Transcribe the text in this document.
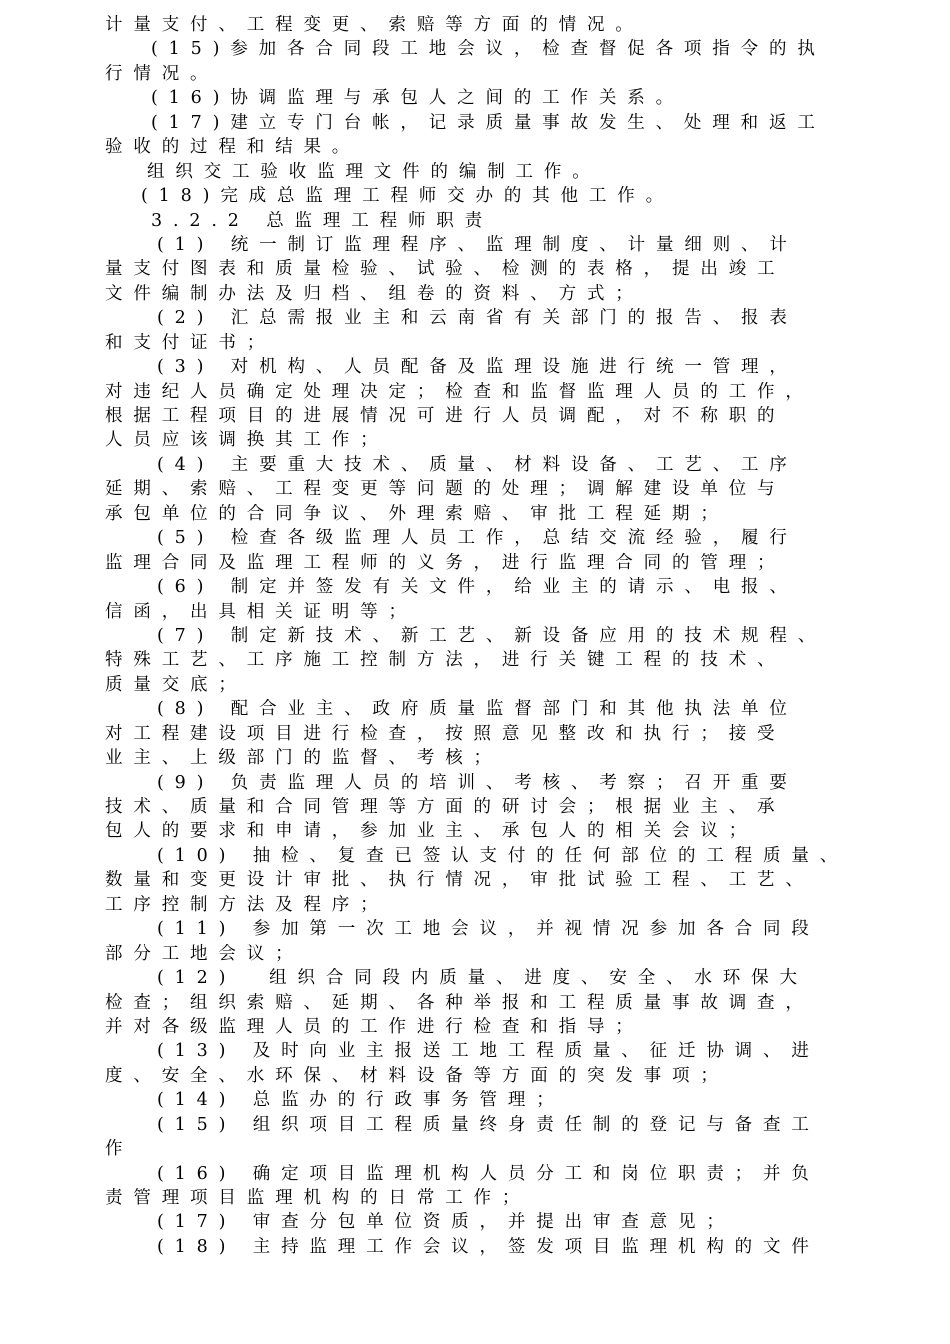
计量支付、工程变更、索赔等方面的情况。
(15)参加各合同段工地会议，检查督促各项指令的执
行情况。
(16)协调监理与承包人之间的工作关系。
(17)建立专门台帐，记录质量事故发生、处理和返工
验收的过程和结果。
组织交工验收监理文件的编制工作。
(18)完成总监理工程师交办的其他工作。
3.2.2 总监理工程师职责
(1) 统一制订监理程序、监理制度、计量细则、计
量支付图表和质量检验、试验、检测的表格，提出竣工
文件编制办法及归档、组卷的资料、方式；
(2) 汇总需报业主和云南省有关部门的报告、报表
和支付证书；
(3) 对机构、人员配备及监理设施进行统一管理，
对违纪人员确定处理决定；检查和监督监理人员的工作，
根据工程项目的进展情况可进行人员调配，对不称职的
人员应该调换其工作；
(4) 主要重大技术、质量、材料设备、工艺、工序
延期、索赔、工程变更等问题的处理；调解建设单位与
承包单位的合同争议、外理索赔、审批工程延期；
(5) 检查各级监理人员工作，总结交流经验，履行
监理合同及监理工程师的义务，进行监理合同的管理；
(6) 制定并签发有关文件，给业主的请示、电报、
信函，出具相关证明等；
(7) 制定新技术、新工艺、新设备应用的技术规程、
特殊工艺、工序施工控制方法，进行关键工程的技术、
质量交底；
(8) 配合业主、政府质量监督部门和其他执法单位
对工程建设项目进行检查，按照意见整改和执行；接受
业主、上级部门的监督、考核；
(9) 负责监理人员的培训、考核、考察；召开重要
技术、质量和合同管理等方面的研讨会；根据业主、承
包人的要求和申请，参加业主、承包人的相关会议；
(10) 抽检、复查已签认支付的任何部位的工程质量、
数量和变更设计审批、执行情况，审批试验工程、工艺、
工序控制方法及程序；
(11) 参加第一次工地会议，并视情况参加各合同段
部分工地会议；
(12)  组织合同段内质量、进度、安全、水环保大
检查；组织索赔、延期、各种举报和工程质量事故调查，
并对各级监理人员的工作进行检查和指导；
(13) 及时向业主报送工地工程质量、征迁协调、进
度、安全、水环保、材料设备等方面的突发事项；
(14) 总监办的行政事务管理；
(15) 组织项目工程质量终身责任制的登记与备查工
作
(16) 确定项目监理机构人员分工和岗位职责；并负
责管理项目监理机构的日常工作；
(17) 审查分包单位资质，并提出审查意见；
(18) 主持监理工作会议，签发项目监理机构的文件
